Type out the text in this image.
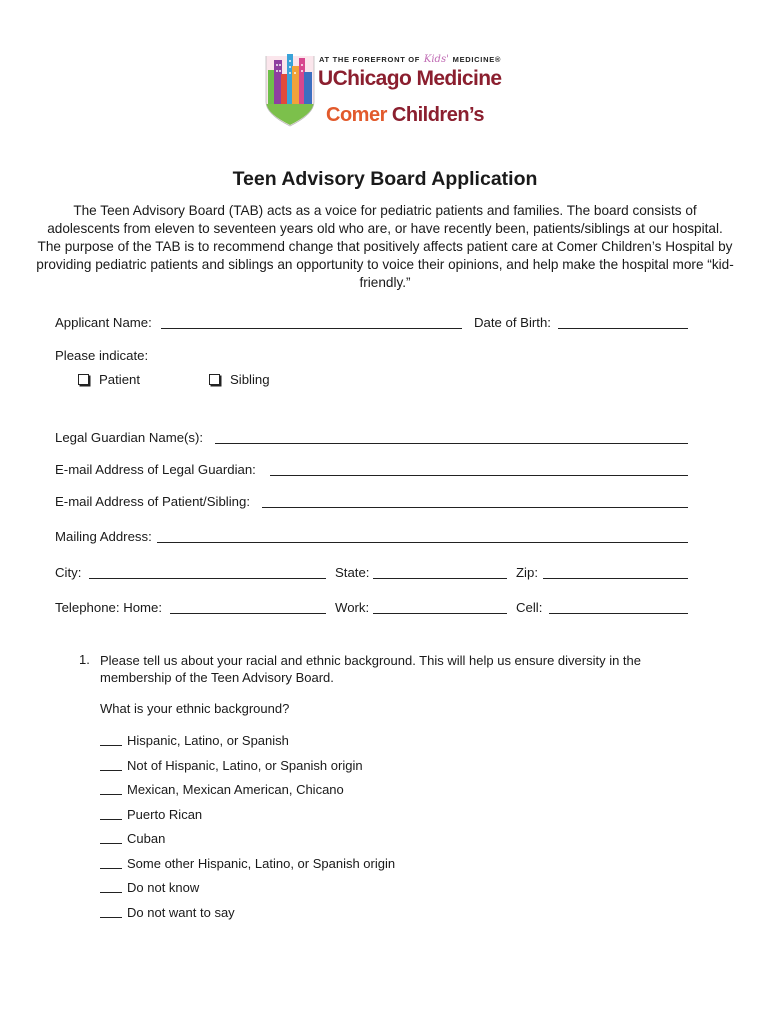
AT THE FOREFRONT OF Kids' MEDICINE®
UChicago Medicine
Comer Children’s
Teen Advisory Board Application
The Teen Advisory Board (TAB) acts as a voice for pediatric patients and families. The board consists of adolescents from eleven to seventeen years old who are, or have recently been, patients/siblings at our hospital. The purpose of the TAB is to recommend change that positively affects patient care at Comer Children’s Hospital by providing pediatric patients and siblings an opportunity to voice their opinions, and help make the hospital more “kid-friendly.”
Applicant Name:	Date of Birth:
Please indicate:
Patient	Sibling
Legal Guardian Name(s):
E-mail Address of Legal Guardian:
E-mail Address of Patient/Sibling:
Mailing Address:
City:	State:	Zip:
Telephone: Home:	Work:	Cell:
1. Please tell us about your racial and ethnic background. This will help us ensure diversity in the membership of the Teen Advisory Board.
What is your ethnic background?
Hispanic, Latino, or Spanish
Not of Hispanic, Latino, or Spanish origin
Mexican, Mexican American, Chicano
Puerto Rican
Cuban
Some other Hispanic, Latino, or Spanish origin
Do not know
Do not want to say
